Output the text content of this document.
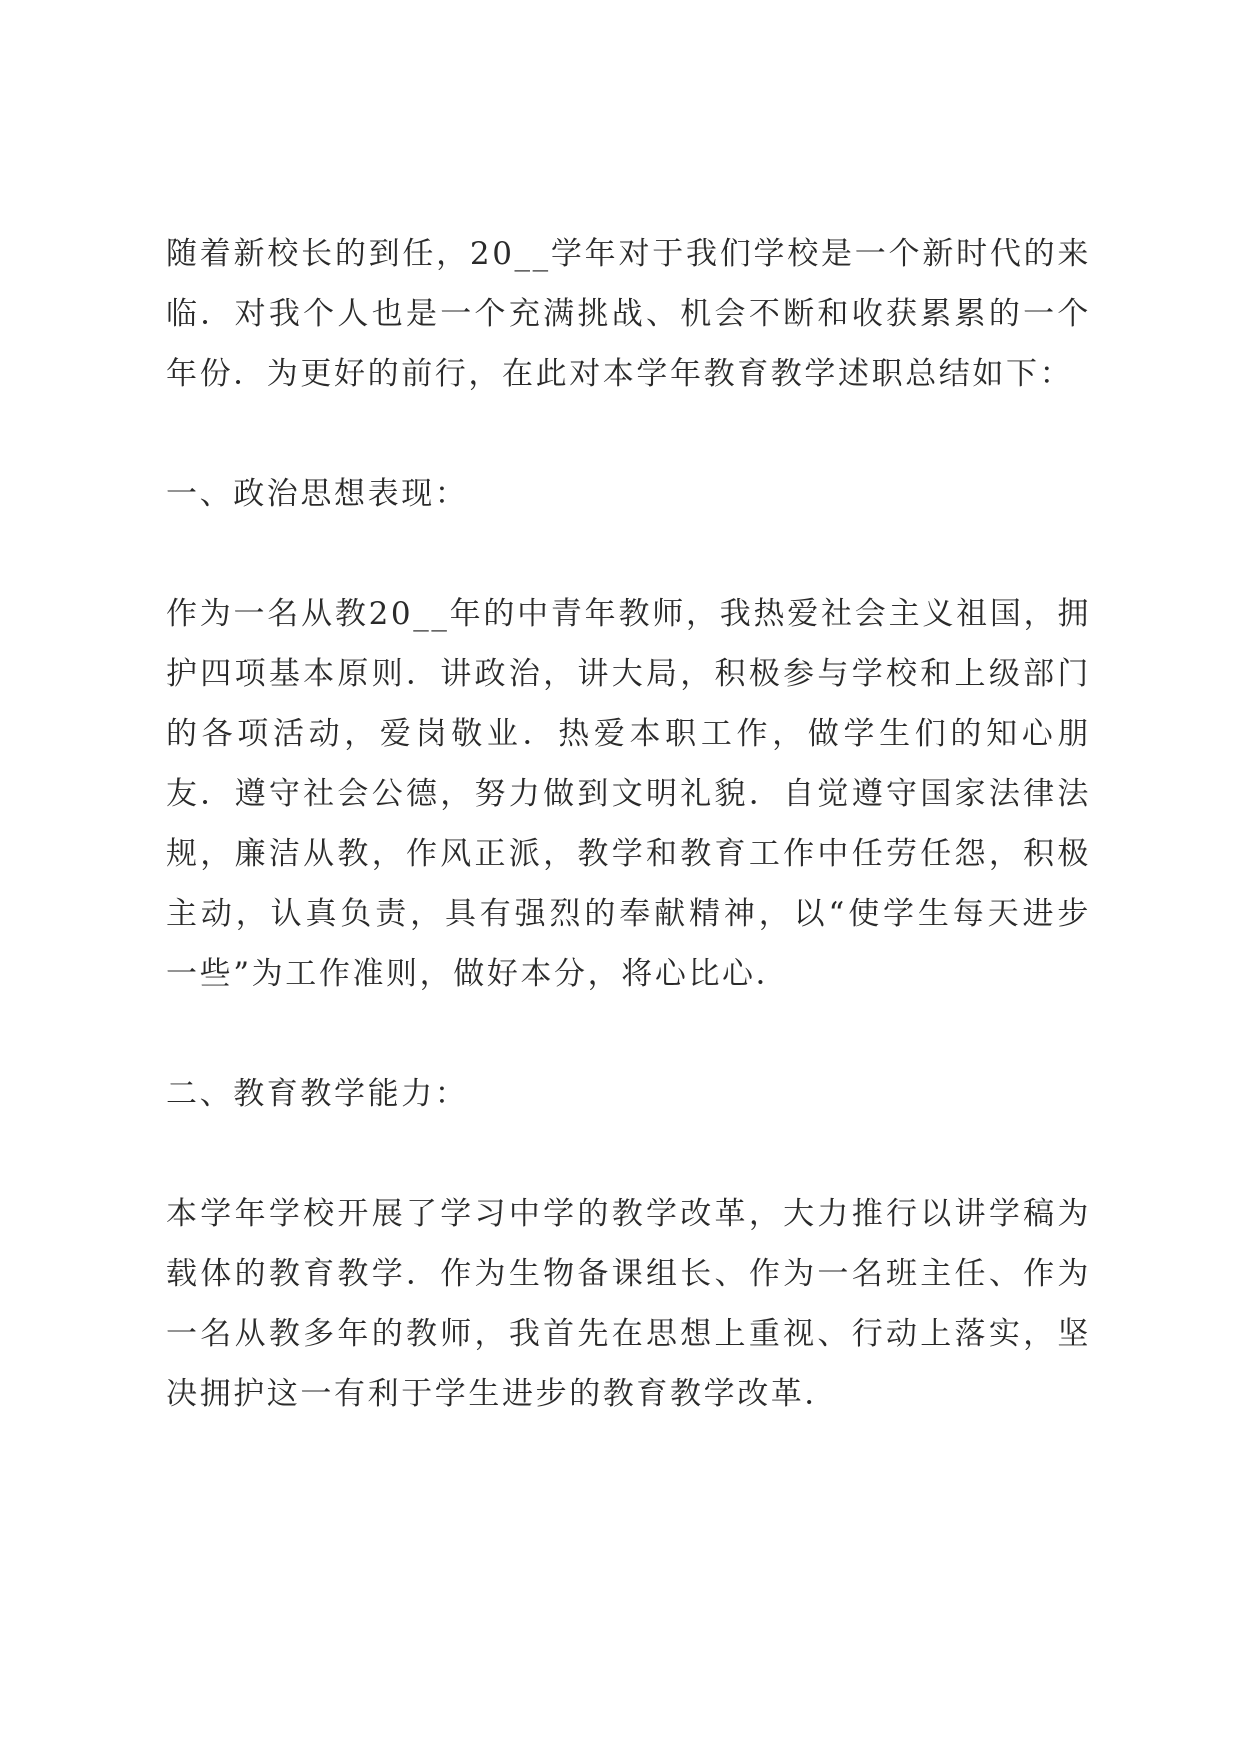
随着新校长的到任，20__学年对于我们学校是一个新时代的来临．对我个人也是一个充满挑战、机会不断和收获累累的一个年份．为更好的前行，在此对本学年教育教学述职总结如下：

一、政治思想表现：

作为一名从教20__年的中青年教师，我热爱社会主义祖国，拥护四项基本原则．讲政治，讲大局，积极参与学校和上级部门的各项活动，爱岗敬业．热爱本职工作，做学生们的知心朋友．遵守社会公德，努力做到文明礼貌．自觉遵守国家法律法规，廉洁从教，作风正派，教学和教育工作中任劳任怨，积极主动，认真负责，具有强烈的奉献精神，以“使学生每天进步一些”为工作准则，做好本分，将心比心．

二、教育教学能力：

本学年学校开展了学习中学的教学改革，大力推行以讲学稿为载体的教育教学．作为生物备课组长、作为一名班主任、作为一名从教多年的教师，我首先在思想上重视、行动上落实，坚决拥护这一有利于学生进步的教育教学改革．
